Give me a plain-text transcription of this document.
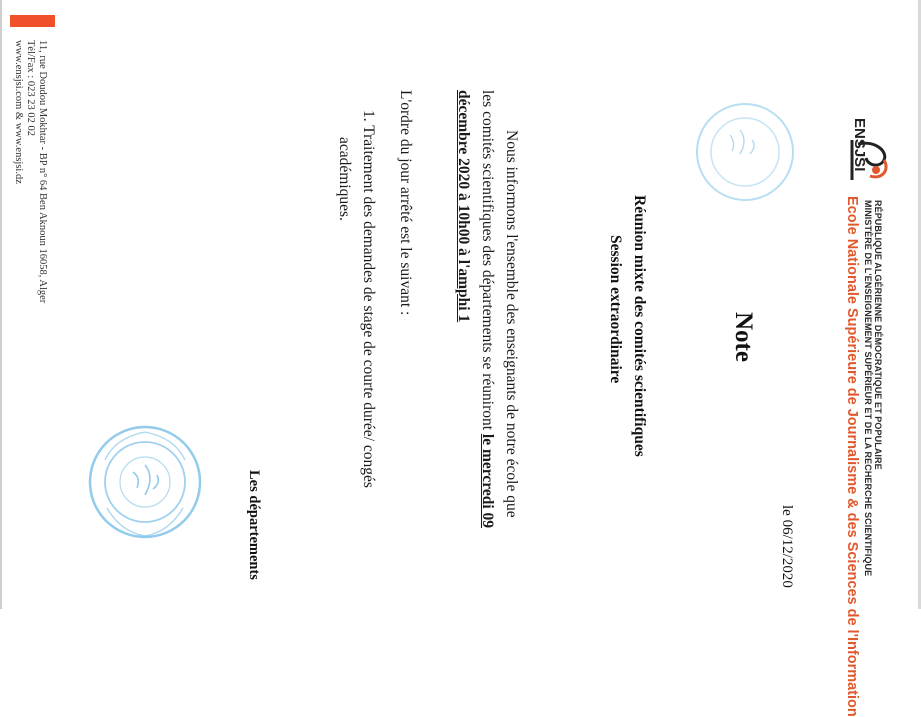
ENSJSI
RÉPUBLIQUE ALGÉRIENNE DÉMOCRATIQUE ET POPULAIRE
MINISTÈRE DE L'ENSEIGNEMENT SUPÉRIEUR ET DE LA RECHERCHE SCIENTIFIQUE
Ecole Nationale Supérieure de Journalisme & des Sciences de l'Information
le 06/12/2020
Note
Réunion mixte des comités scientifiques
Session extraordinaire
Nous informons l'ensemble des enseignants de notre école que
les comités scientifiques des départements se réuniront le mercredi 09
décembre 2020 à 10h00 à l'amphi 1
L'ordre du jour arrêté est le suivant :
1. Traitement des demandes de stage de courte durée/ congés
académiques.
Les départements
11, rue Doudou Mokhtar - BP n° 64 Ben Aknoun 16058, Alger
Tél/Fax : 023 23 02 02
www.ensjsi.com & www.ensjsi.dz
